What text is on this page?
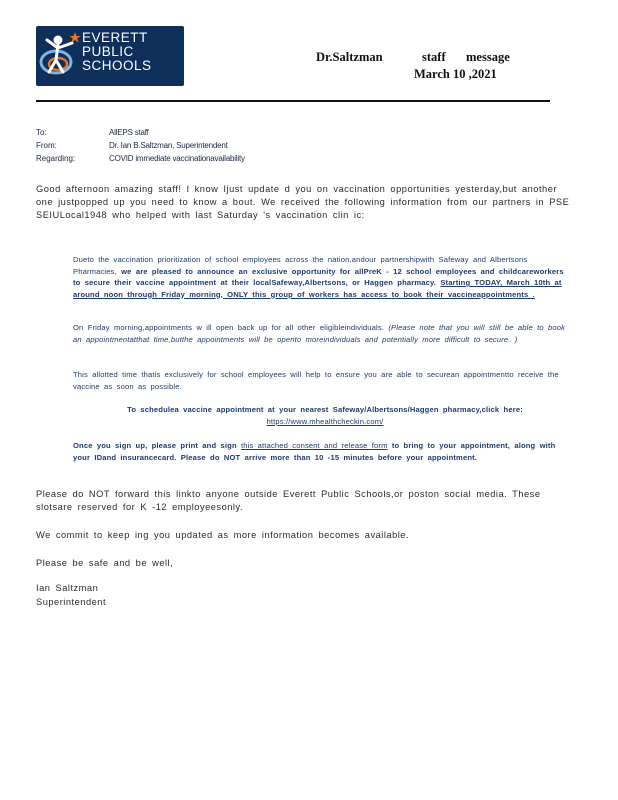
EVERETT
PUBLIC
SCHOOLS
Dr.Saltzman	staff message
March 10 ,2021
To:	AllEPS staff
From:	Dr. Ian B.Saltzman, Superintendent
Regarding:	COVID immediate vaccinationavailability
Good afternoon amazing staff! I know Ijust update d you on vaccination opportunities yesterday,but another one justpopped up you need to know a bout. We received the following information from our partners in PSE SEIULocal1948 who helped with last Saturday 's vaccination clin ic:
Dueto the vaccination prioritization of school employees across the nation,andour partnershipwith Safeway and Albertsons Pharmacies, we are pleased to announce an exclusive opportunity for allPreK - 12 school employees and childcareworkers to secure their vaccine appointment at their localSafeway,Albertsons, or Haggen pharmacy. Starting TODAY, March 10th at around noon through Friday morning, ONLY this group of workers has access to book their vaccineappointments .
On Friday morning,appointments w ill open back up for all other eligibleindividuals. (Please note that you will still be able to book an appointmentatthat time,butthe appointments will be opento moreindividuals and potentially more difficult to secure. )
This allotted time thatis exclusively for school employees will help to ensure you are able to securean appointmentto receive the vaccine as soon as possible.
To schedulea vaccine appointment at your nearest Safeway/Albertsons/Haggen pharmacy,click here: https://www.mhealthcheckin.com/
Once you sign up, please print and sign this attached consent and release form to bring to your appointment, along with your IDand insurancecard. Please do NOT arrive more than 10 -15 minutes before your appointment.
Please do NOT forward this linkto anyone outside Everett Public Schools,or poston social media. These slotsare reserved for K -12 employeesonly.
We commit to keep ing you updated as more information becomes available.
Please be safe and be well,
Ian Saltzman
Superintendent
